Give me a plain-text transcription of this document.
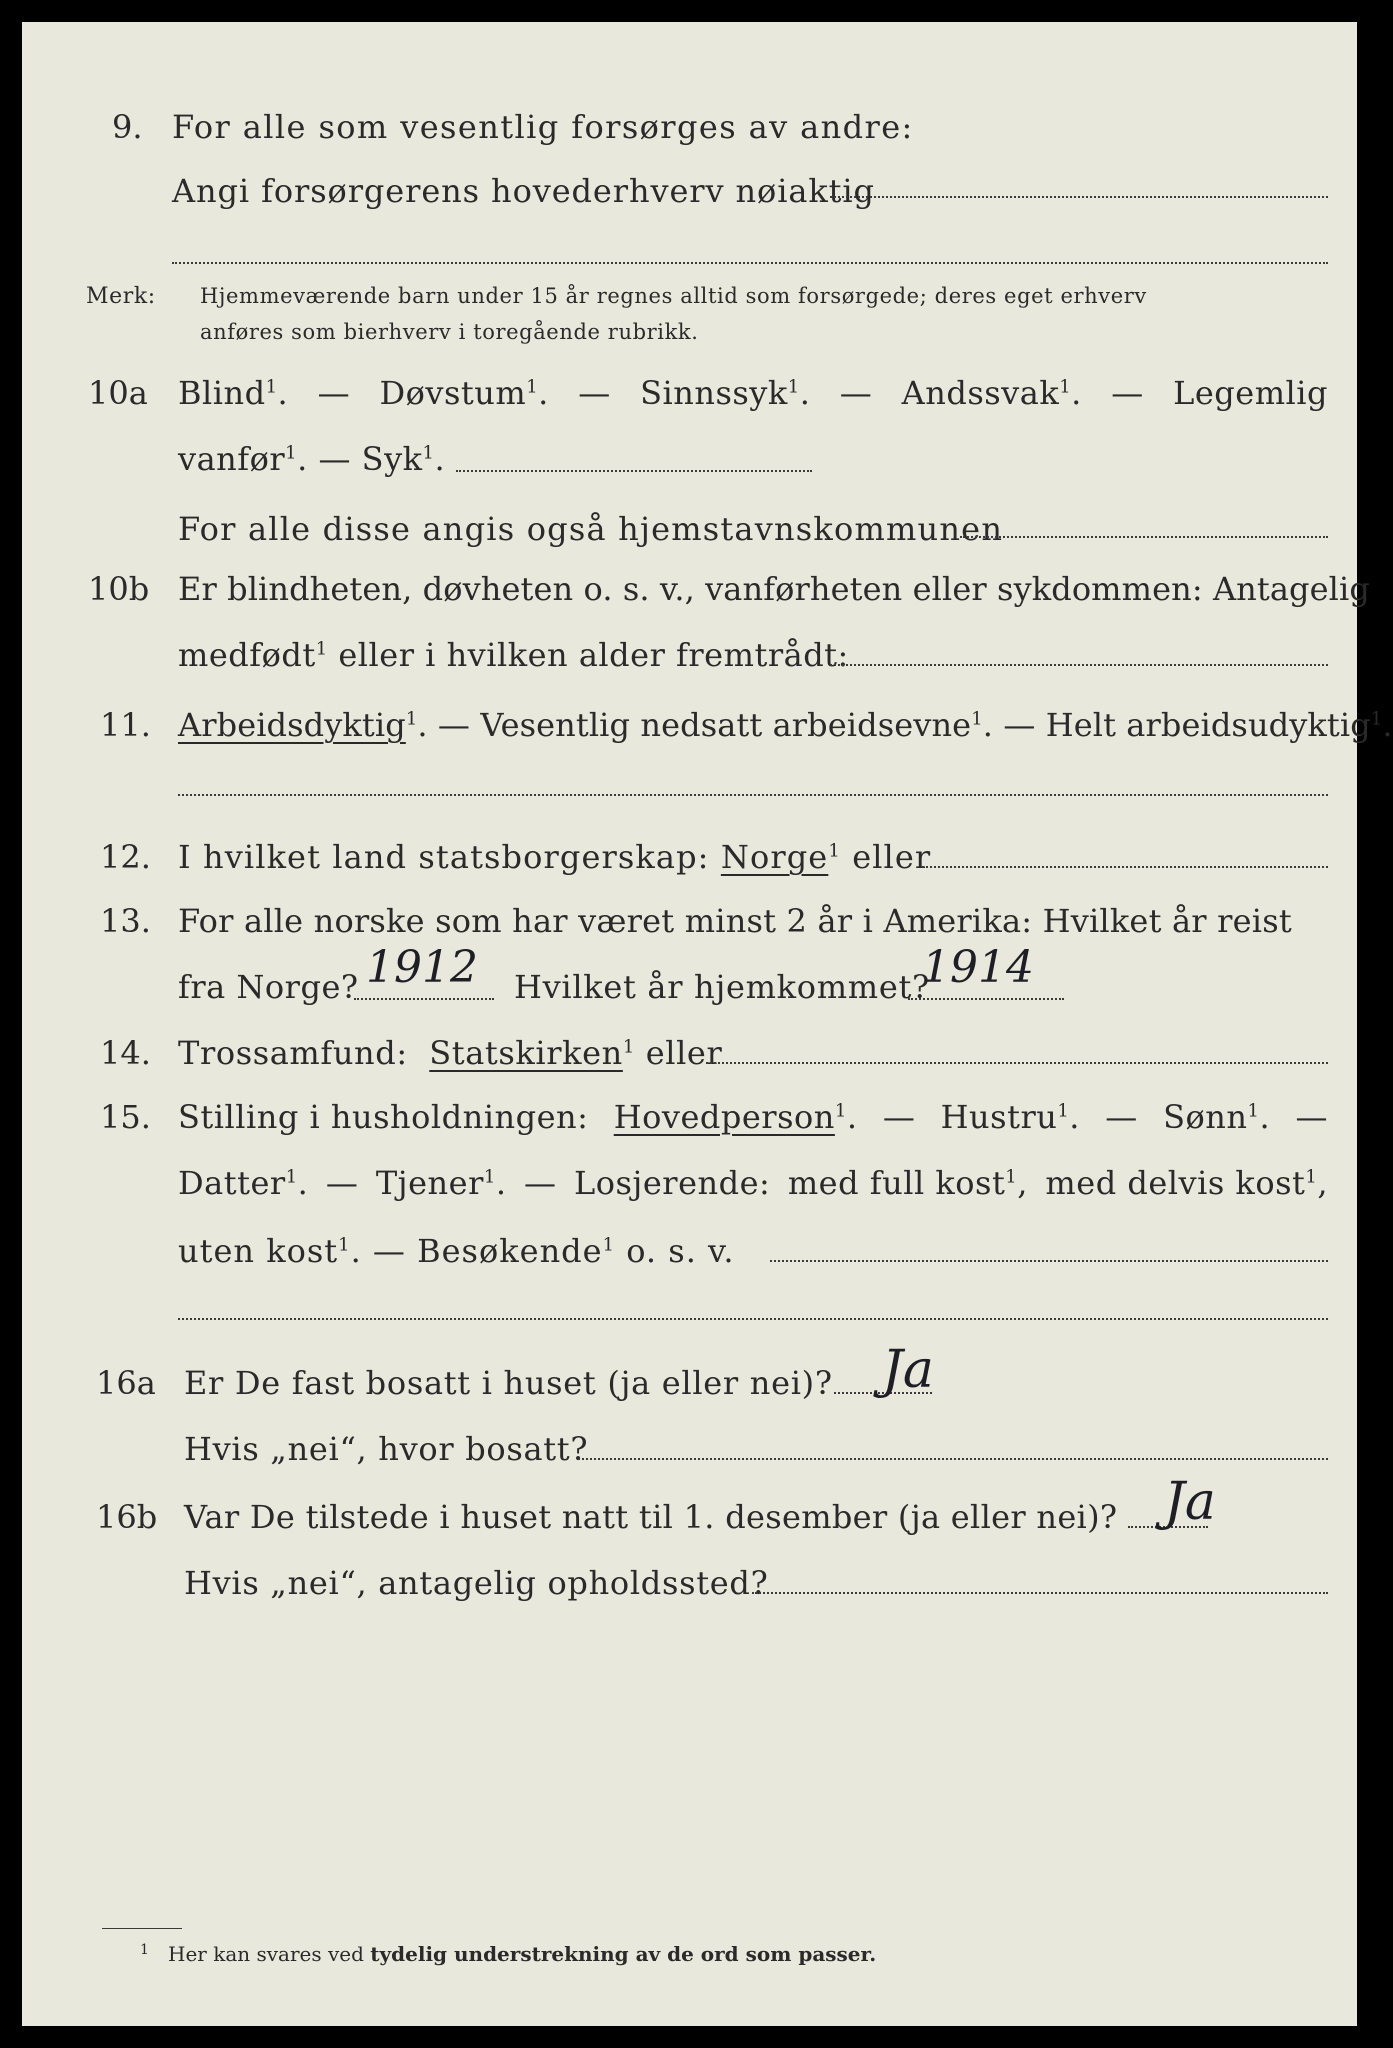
9. For alle som vesentlig forsørges av andre:
Angi forsørgerens hovederhverv nøiaktig
Merk: Hjemmeværende barn under 15 år regnes alltid som forsørgede; deres eget erhverv
anføres som bierhverv i toregående rubrikk.
10a Blind$^1$. — Døvstum$^1$. — Sinnssyk$^1$. — Andssvak$^1$. — Legemlig
vanfør$^1$. — Syk$^1$.
For alle disse angis også hjemstavnskommunen
10b Er blindheten, døvheten o. s. v., vanførheten eller sykdommen: Antagelig
medfødt$^1$ eller i hvilken alder fremtrådt:
11. Arbeidsdyktig$^1$. — Vesentlig nedsatt arbeidsevne$^1$. — Helt arbeidsudyktig$^1$.
12. I hvilket land statsborgerskap: Norge$^1$ eller
13. For alle norske som har været minst 2 år i Amerika: Hvilket år reist
fra Norge? 1912 Hvilket år hjemkommet?
1914
14. Trossamfund: Statskirken$^1$ eller
15. Stilling i husholdningen: Hovedperson$^1$. — Hustru$^1$. — Sønn$^1$. —
Datter$^1$. — Tjener$^1$. — Losjerende: med full kost$^1$, med delvis kost$^1$,
uten kost$^1$. — Besøkende$^1$ o. s. v.
16a Er De fast bosatt i huset (ja eller nei)? Ja
Hvis „nei“, hvor bosatt?
16b Var De tilstede i huset natt til 1. desember (ja eller nei)? Ja
Hvis „nei“, antagelig opholdssted?
$^1$ Her kan svares ved tydelig understrekning av de ord som passer.
